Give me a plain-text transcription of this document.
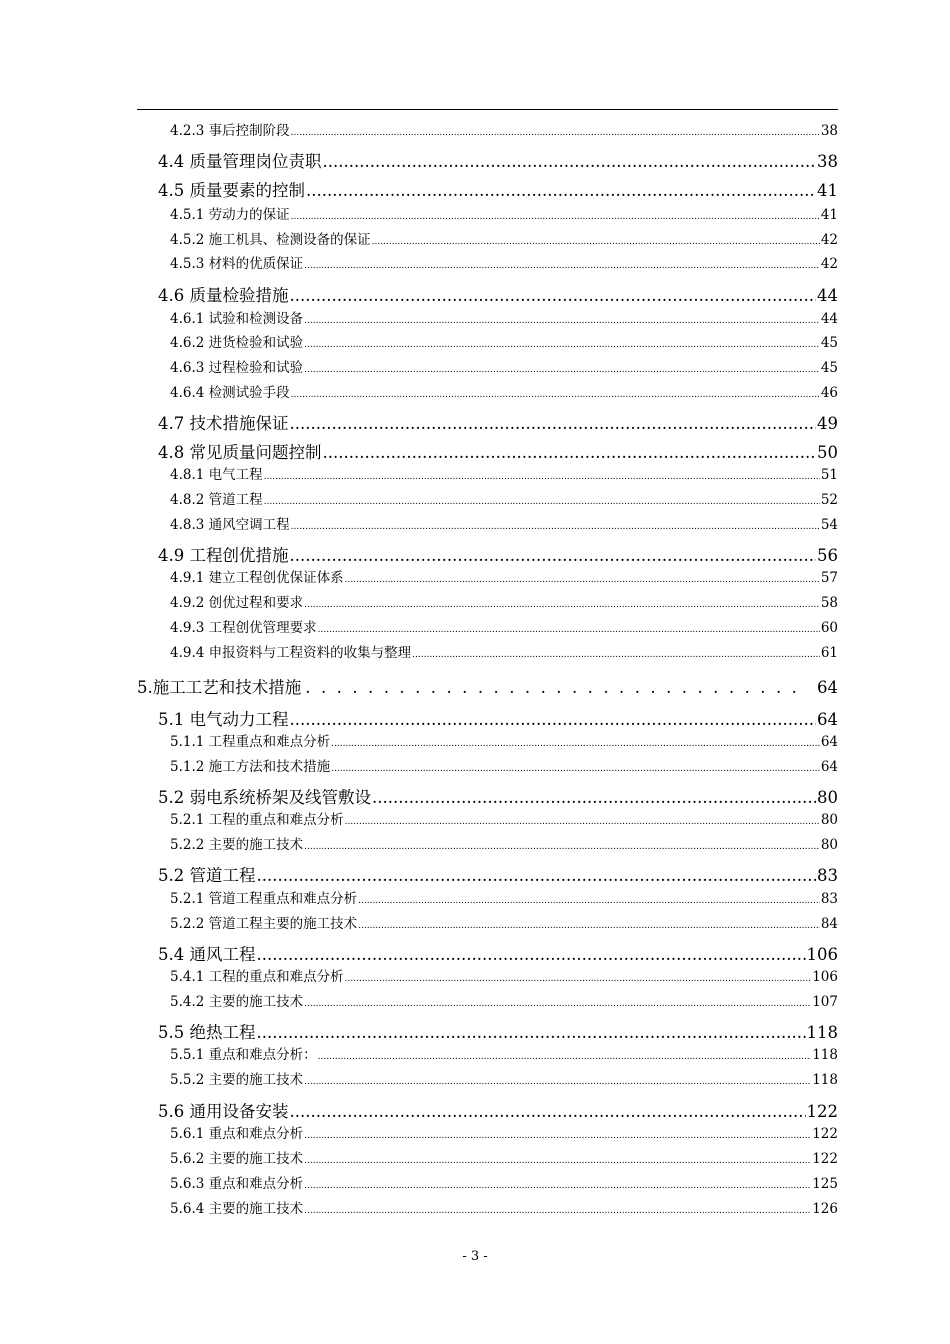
4.2.3 事后控制阶段 .....	38
4.4 质量管理岗位责职 .....	38
4.5 质量要素的控制 .....	41
4.5.1 劳动力的保证 .....	41
4.5.2 施工机具、检测设备的保证 .....	42
4.5.3 材料的优质保证 .....	42
4.6 质量检验措施 .....	44
4.6.1 试验和检测设备 .....	44
4.6.2 进货检验和试验 .....	45
4.6.3 过程检验和试验 .....	45
4.6.4 检测试验手段 .....	46
4.7 技术措施保证 .....	49
4.8 常见质量问题控制 .....	50
4.8.1 电气工程 .....	51
4.8.2 管道工程 .....	52
4.8.3 通风空调工程 .....	54
4.9 工程创优措施 .....	56
4.9.1 建立工程创优保证体系 .....	57
4.9.2 创优过程和要求 .....	58
4.9.3 工程创优管理要求 .....	60
4.9.4 申报资料与工程资料的收集与整理 .....	61
5.施工工艺和技术措施 . . .	64
5.1 电气动力工程 .....	64
5.1.1 工程重点和难点分析 .....	64
5.1.2 施工方法和技术措施 .....	64
5.2 弱电系统桥架及线管敷设 .....	80
5.2.1 工程的重点和难点分析 .....	80
5.2.2 主要的施工技术 .....	80
5.2 管道工程 .....	83
5.2.1 管道工程重点和难点分析 .....	83
5.2.2 管道工程主要的施工技术 .....	84
5.4 通风工程 .....	106
5.4.1 工程的重点和难点分析 .....	106
5.4.2 主要的施工技术 .....	107
5.5 绝热工程 .....	118
5.5.1 重点和难点分析： .....	118
5.5.2 主要的施工技术 .....	118
5.6 通用设备安装 .....	122
5.6.1 重点和难点分析 .....	122
5.6.2 主要的施工技术 .....	122
5.6.3 重点和难点分析 .....	125
5.6.4 主要的施工技术 .....	126
- 3 -
